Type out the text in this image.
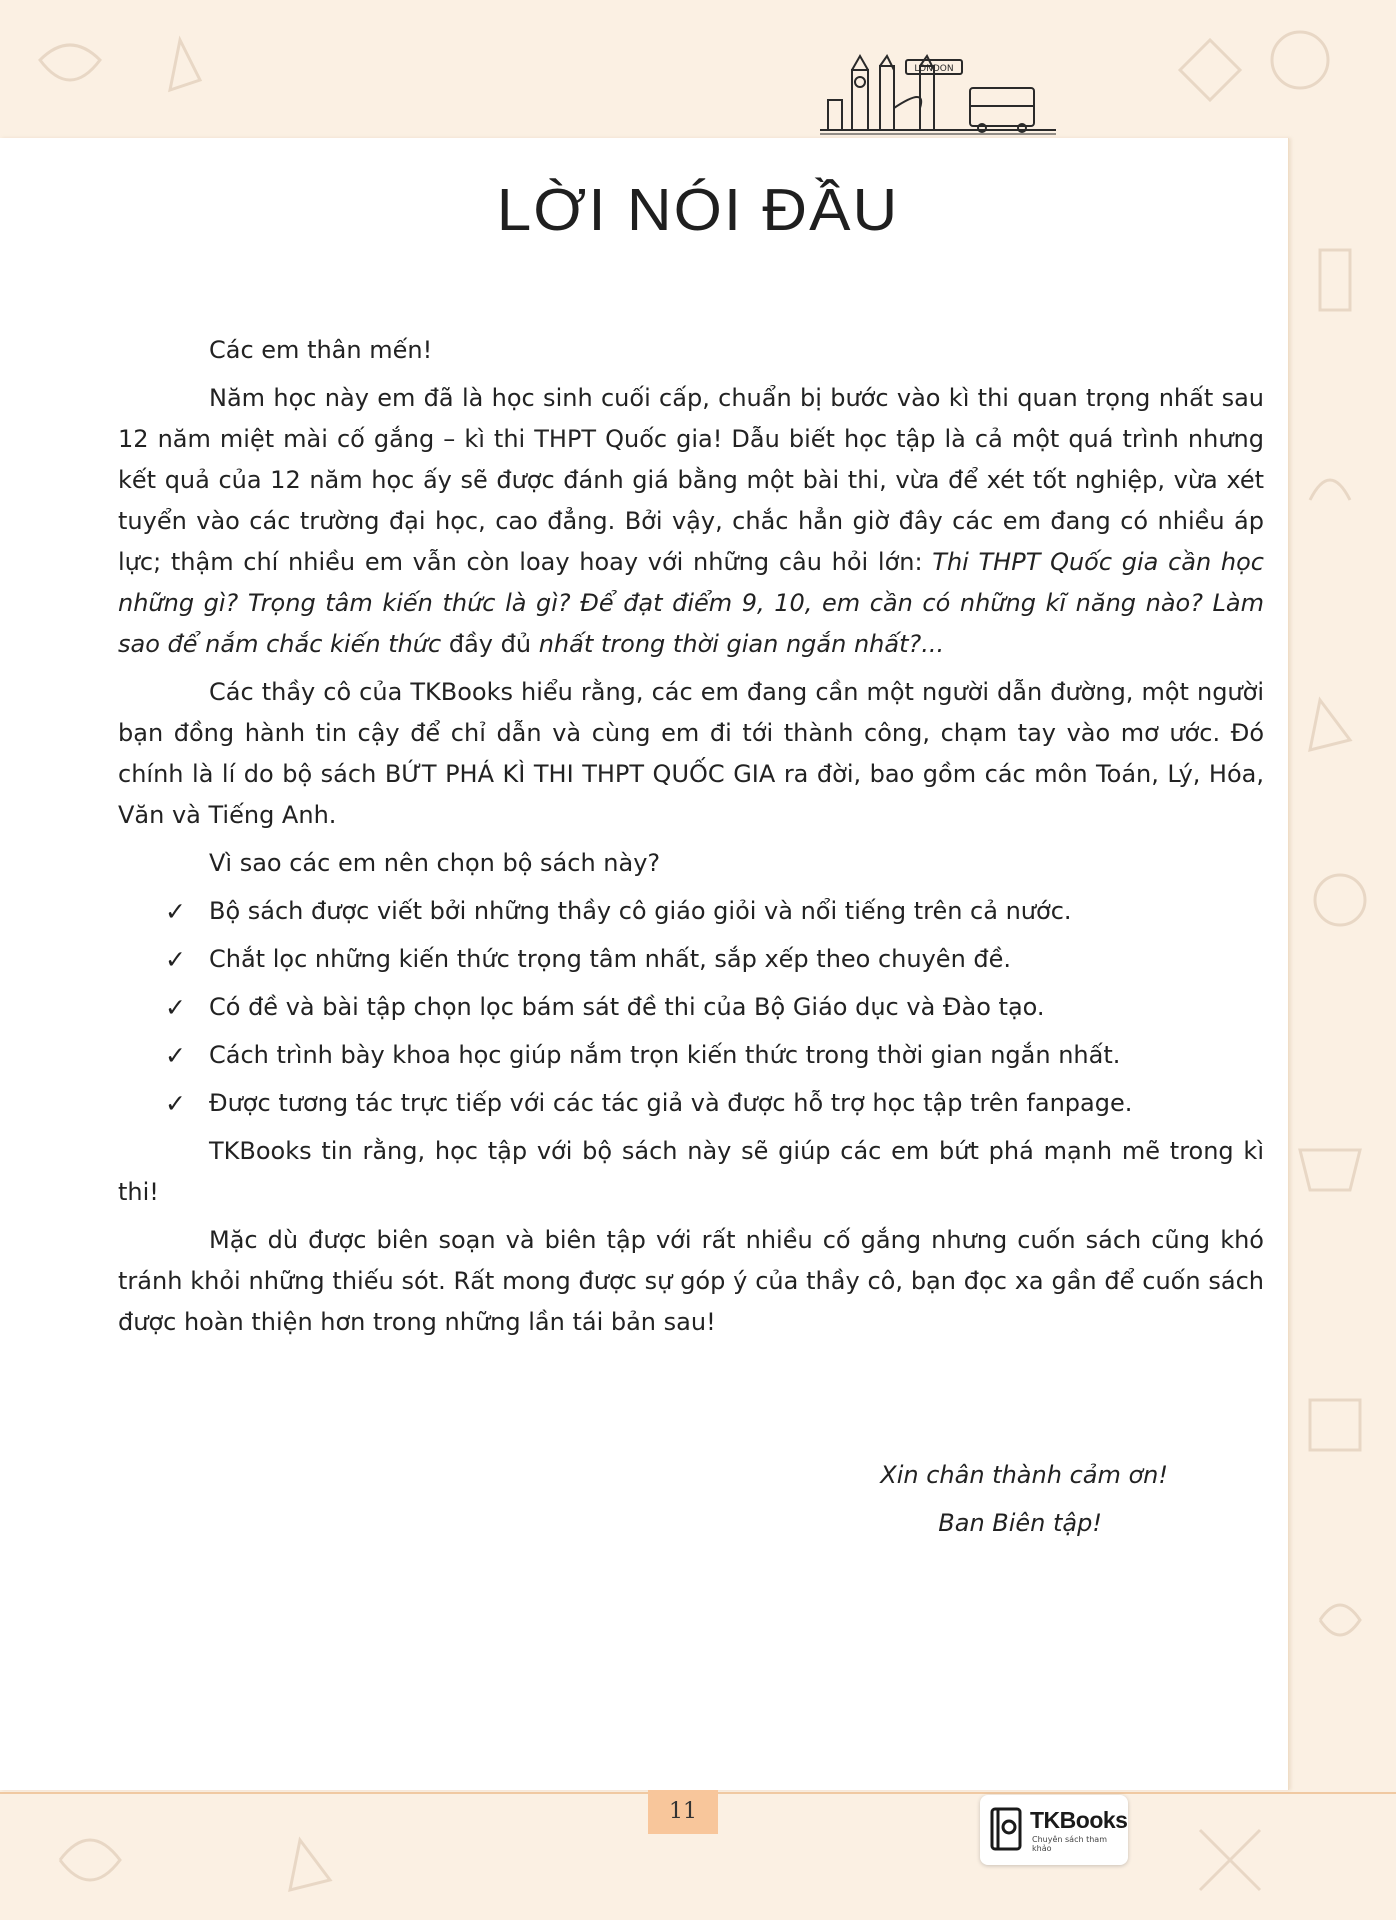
LONDON
LỜI NÓI ĐẦU

Các em thân mến!

Năm học này em đã là học sinh cuối cấp, chuẩn bị bước vào kì thi quan trọng nhất sau 12 năm miệt mài cố gắng – kì thi THPT Quốc gia! Dẫu biết học tập là cả một quá trình nhưng kết quả của 12 năm học ấy sẽ được đánh giá bằng một bài thi, vừa để xét tốt nghiệp, vừa xét tuyển vào các trường đại học, cao đẳng. Bởi vậy, chắc hẳn giờ đây các em đang có nhiều áp lực; thậm chí nhiều em vẫn còn loay hoay với những câu hỏi lớn: Thi THPT Quốc gia cần học những gì? Trọng tâm kiến thức là gì? Để đạt điểm 9, 10, em cần có những kĩ năng nào? Làm sao để nắm chắc kiến thức đầy đủ nhất trong thời gian ngắn nhất?...

Các thầy cô của TKBooks hiểu rằng, các em đang cần một người dẫn đường, một người bạn đồng hành tin cậy để chỉ dẫn và cùng em đi tới thành công, chạm tay vào mơ ước. Đó chính là lí do bộ sách BỨT PHÁ KÌ THI THPT QUỐC GIA ra đời, bao gồm các môn Toán, Lý, Hóa, Văn và Tiếng Anh.

Vì sao các em nên chọn bộ sách này?

✓ Bộ sách được viết bởi những thầy cô giáo giỏi và nổi tiếng trên cả nước.
✓ Chắt lọc những kiến thức trọng tâm nhất, sắp xếp theo chuyên đề.
✓ Có đề và bài tập chọn lọc bám sát đề thi của Bộ Giáo dục và Đào tạo.
✓ Cách trình bày khoa học giúp nắm trọn kiến thức trong thời gian ngắn nhất.
✓ Được tương tác trực tiếp với các tác giả và được hỗ trợ học tập trên fanpage.

TKBooks tin rằng, học tập với bộ sách này sẽ giúp các em bứt phá mạnh mẽ trong kì thi!

Mặc dù được biên soạn và biên tập với rất nhiều cố gắng nhưng cuốn sách cũng khó tránh khỏi những thiếu sót. Rất mong được sự góp ý của thầy cô, bạn đọc xa gần để cuốn sách được hoàn thiện hơn trong những lần tái bản sau!

Xin chân thành cảm ơn!
Ban Biên tập!
11	TKBooks
Chuyên sách tham khảo
